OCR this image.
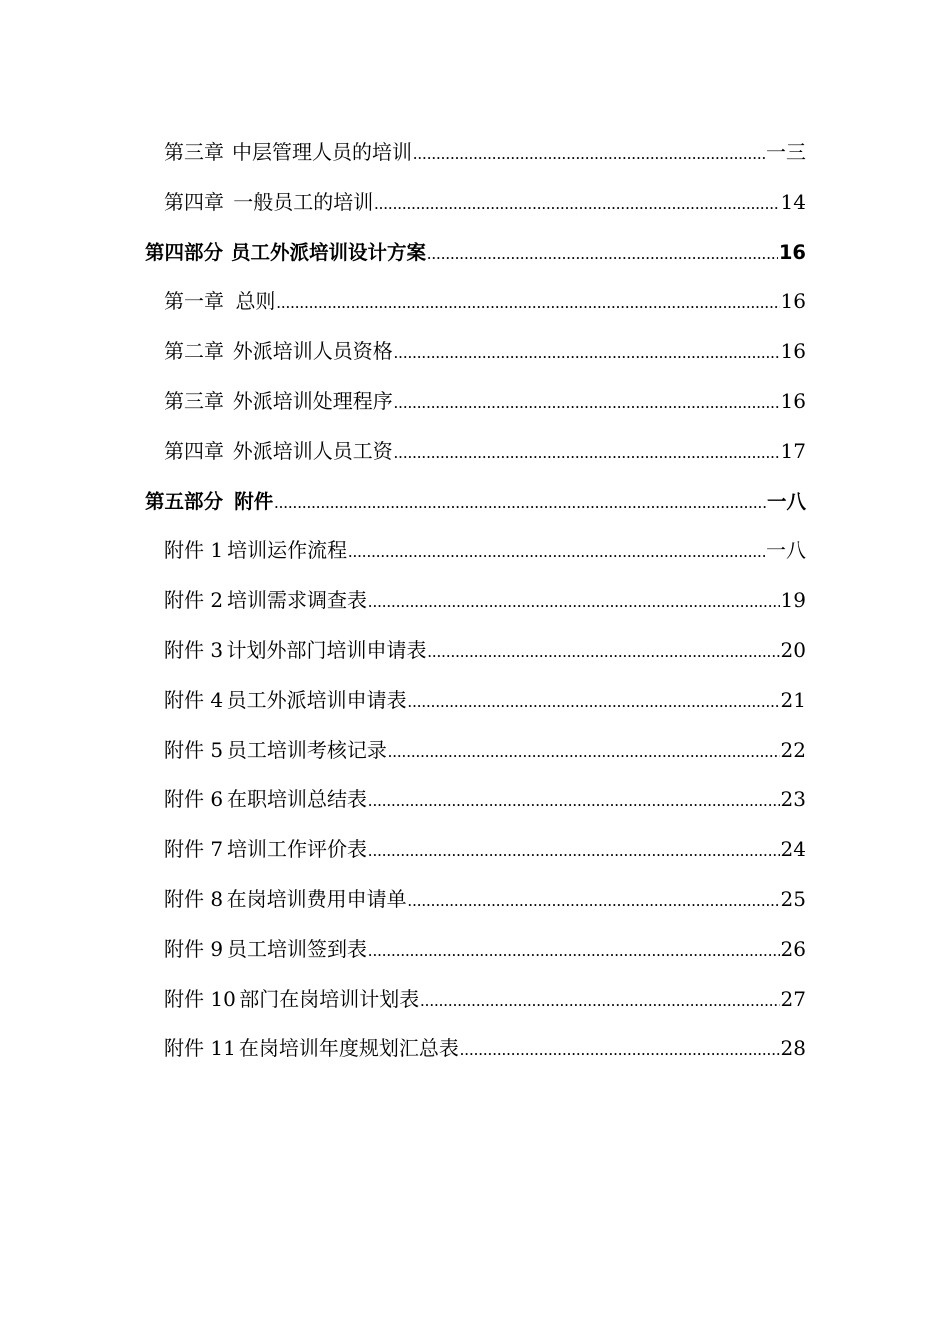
第三章 中层管理人员的培训 .....	一三
第四章 一般员工的培训 .....	14
第四部分 员工外派培训设计方案 .....	16
第一章 总则 .....	16
第二章 外派培训人员资格 .....	16
第三章 外派培训处理程序 .....	16
第四章 外派培训人员工资 .....	17
第五部分 附件 .....	一八
附件 1 培训运作流程 .....	一八
附件 2 培训需求调查表 .....	19
附件 3 计划外部门培训申请表 .....	20
附件 4 员工外派培训申请表 .....	21
附件 5 员工培训考核记录 .....	22
附件 6 在职培训总结表 .....	23
附件 7 培训工作评价表 .....	24
附件 8 在岗培训费用申请单 .....	25
附件 9 员工培训签到表 .....	26
附件 10 部门在岗培训计划表 .....	27
附件 11 在岗培训年度规划汇总表 .....	28
